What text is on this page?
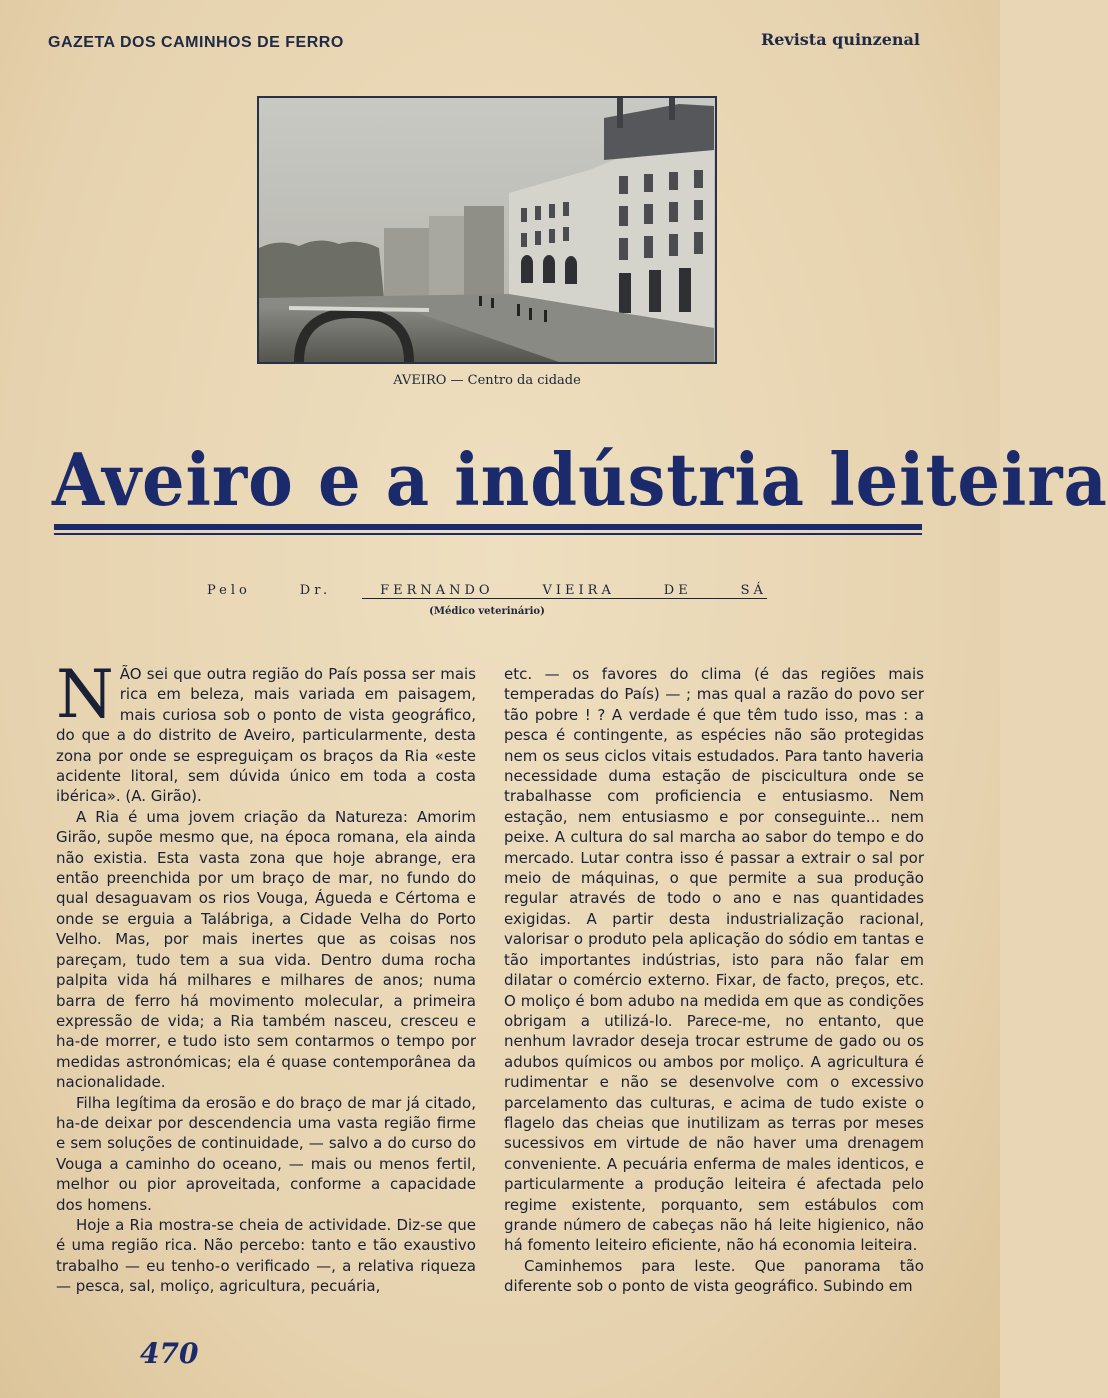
GAZETA DOS CAMINHOS DE FERRO	Revista quinzenal
AVEIRO — Centro da cidade
Aveiro e a indústria leiteira
Pelo	Dr.	FERNANDO	VIEIRA	DE	SÁ
(Médico veterinário)

NÃO sei que outra região do País possa ser mais rica em beleza, mais variada em paisagem, mais curiosa sob o ponto de vista geográfico, do que a do distrito de Aveiro, particularmente, desta zona por onde se espreguiçam os braços da Ria «este acidente litoral, sem dúvida único em toda a costa ibérica». (A. Girão).

A Ria é uma jovem criação da Natureza: Amorim Girão, supõe mesmo que, na época romana, ela ainda não existia. Esta vasta zona que hoje abrange, era então preenchida por um braço de mar, no fundo do qual desaguavam os rios Vouga, Águeda e Cértoma e onde se erguia a Talábriga, a Cidade Velha do Porto Velho. Mas, por mais inertes que as coisas nos pareçam, tudo tem a sua vida. Dentro duma rocha palpita vida há milhares e milhares de anos; numa barra de ferro há movimento molecular, a primeira expressão de vida; a Ria também nasceu, cresceu e ha-de morrer, e tudo isto sem contarmos o tempo por medidas astronómicas; ela é quase contemporânea da nacionalidade.

Filha legítima da erosão e do braço de mar já citado, ha-de deixar por descendencia uma vasta região firme e sem soluções de continuidade, — salvo a do curso do Vouga a caminho do oceano, — mais ou menos fertil, melhor ou pior aproveitada, conforme a capacidade dos homens.

Hoje a Ria mostra-se cheia de actividade. Diz-se que é uma região rica. Não percebo: tanto e tão exaustivo trabalho — eu tenho-o verificado —, a relativa riqueza — pesca, sal, moliço, agricultura, pecuária,

etc. — os favores do clima (é das regiões mais temperadas do País) — ; mas qual a razão do povo ser tão pobre ! ? A verdade é que têm tudo isso, mas : a pesca é contingente, as espécies não são protegidas nem os seus ciclos vitais estudados. Para tanto haveria necessidade duma estação de piscicultura onde se trabalhasse com proficiencia e entusiasmo. Nem estação, nem entusiasmo e por conseguinte... nem peixe. A cultura do sal marcha ao sabor do tempo e do mercado. Lutar contra isso é passar a extrair o sal por meio de máquinas, o que permite a sua produção regular através de todo o ano e nas quantidades exigidas. A partir desta industrialização racional, valorisar o produto pela aplicação do sódio em tantas e tão importantes indústrias, isto para não falar em dilatar o comércio externo. Fixar, de facto, preços, etc. O moliço é bom adubo na medida em que as condições obrigam a utilizá-lo. Parece-me, no entanto, que nenhum lavrador deseja trocar estrume de gado ou os adubos químicos ou ambos por moliço. A agricultura é rudimentar e não se desenvolve com o excessivo parcelamento das culturas, e acima de tudo existe o flagelo das cheias que inutilizam as terras por meses sucessivos em virtude de não haver uma drenagem conveniente. A pecuária enferma de males identicos, e particularmente a produção leiteira é afectada pelo regime existente, porquanto, sem estábulos com grande número de cabeças não há leite higienico, não há fomento leiteiro eficiente, não há economia leiteira.

Caminhemos para leste. Que panorama tão diferente sob o ponto de vista geográfico. Subindo em

470
